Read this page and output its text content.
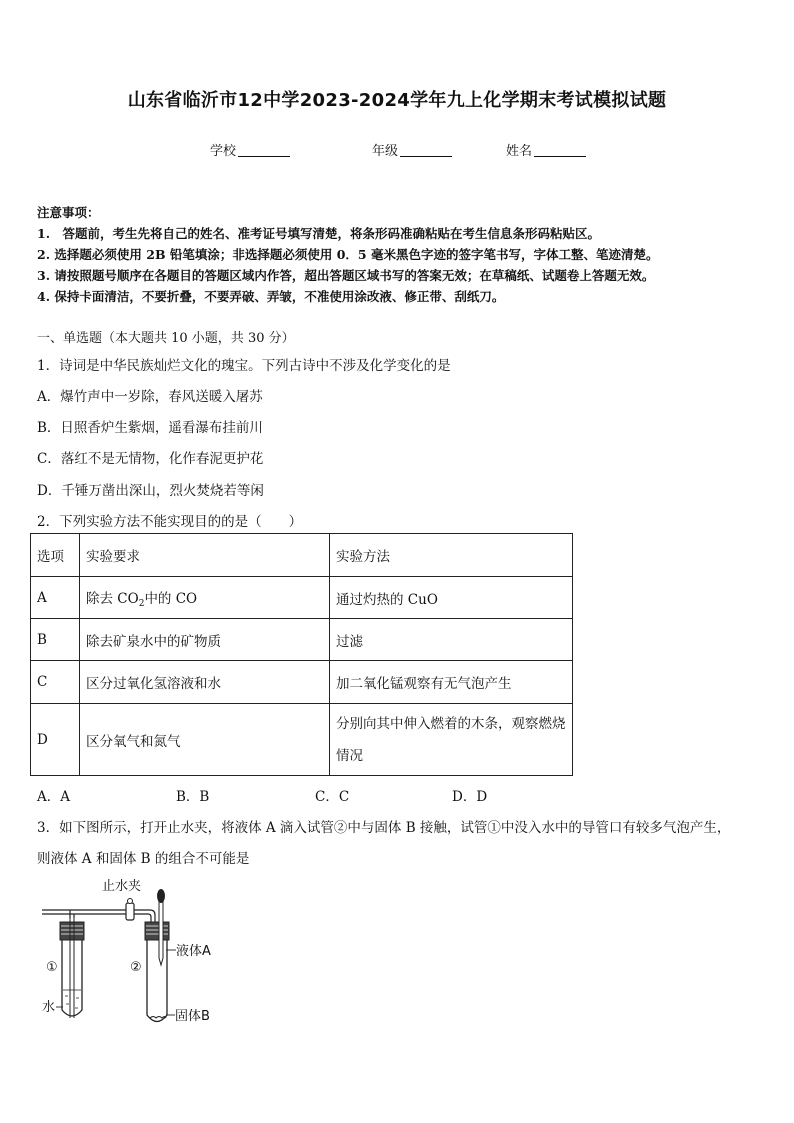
山东省临沂市12中学2023-2024学年九上化学期末考试模拟试题
学校	年级	姓名
注意事项：
1.　答题前，考生先将自己的姓名、准考证号填写清楚，将条形码准确粘贴在考生信息条形码粘贴区。
2. 选择题必须使用 2B 铅笔填涂；非选择题必须使用 0．5 毫米黑色字迹的签字笔书写，字体工整、笔迹清楚。
3. 请按照题号顺序在各题目的答题区域内作答，超出答题区域书写的答案无效；在草稿纸、试题卷上答题无效。
4. 保持卡面清洁，不要折叠，不要弄破、弄皱，不准使用涂改液、修正带、刮纸刀。
一、单选题（本大题共 10 小题，共 30 分）
1．诗词是中华民族灿烂文化的瑰宝。下列古诗中不涉及化学变化的是
A．爆竹声中一岁除，春风送暖入屠苏
B．日照香炉生紫烟，遥看瀑布挂前川
C．落红不是无情物，化作春泥更护花
D．千锤万凿出深山，烈火焚烧若等闲
2．下列实验方法不能实现目的的是（　　）
选项	实验要求	实验方法
A	除去 $CO_2$中的 CO	通过灼热的 CuO
B	除去矿泉水中的矿物质	过滤
C	区分过氧化氢溶液和水	加二氧化锰观察有无气泡产生
D	区分氧气和氮气	分别向其中伸入燃着的木条，观察燃烧情况
A．A	B．B	C．C	D．D
3．如下图所示，打开止水夹，将液体 A 滴入试管②中与固体 B 接触，试管①中没入水中的导管口有较多气泡产生，
则液体 A 和固体 B 的组合不可能是
止水夹
①
水
②
液体A
固体B
